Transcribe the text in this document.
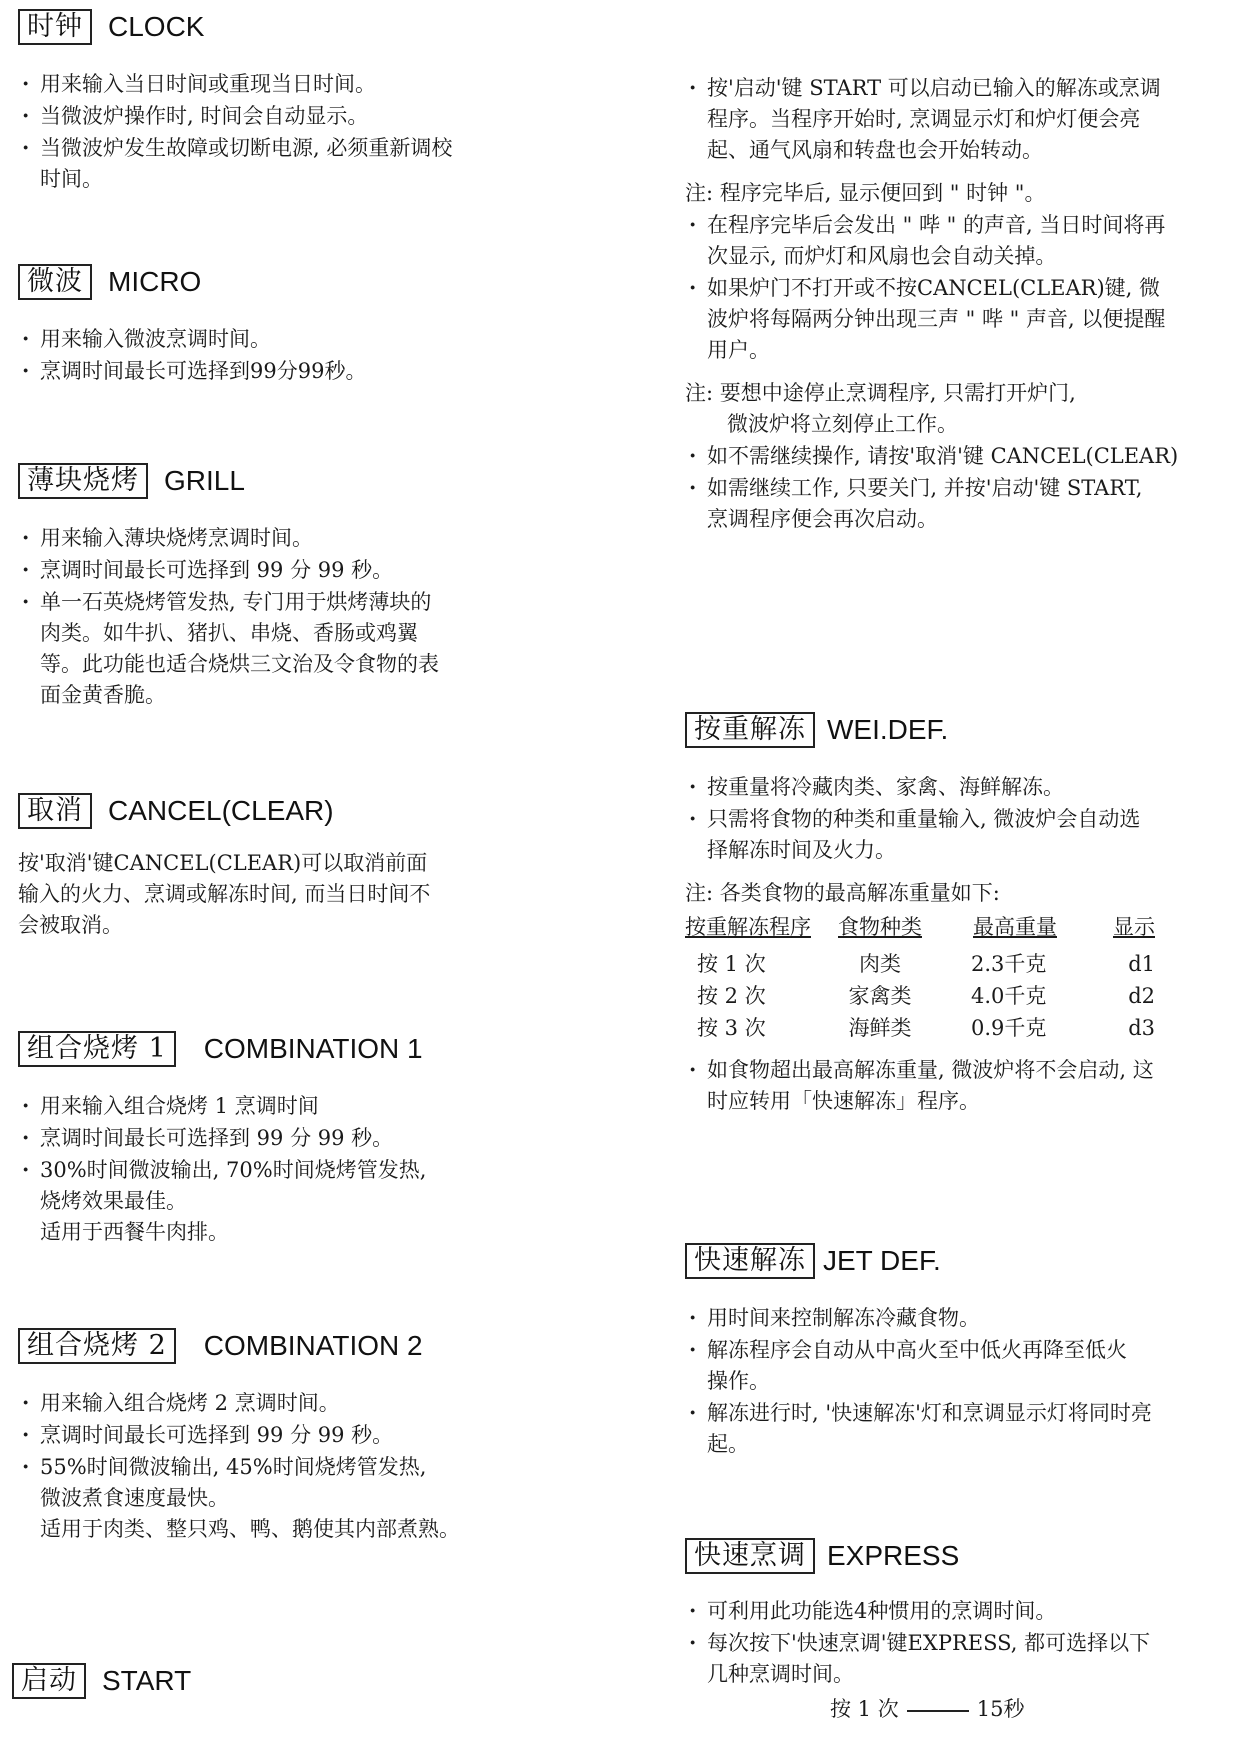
时钟 CLOCK
· 用来输入当日时间或重现当日时间。
· 当微波炉操作时, 时间会自动显示。
· 当微波炉发生故障或切断电源, 必须重新调校时间。
微波 MICRO
· 用来输入微波烹调时间。
· 烹调时间最长可选择到99分99秒。
薄块烧烤 GRILL
· 用来输入薄块烧烤烹调时间。
· 烹调时间最长可选择到 99 分 99 秒。
· 单一石英烧烤管发热, 专门用于烘烤薄块的肉类。如牛扒、猪扒、串烧、香肠或鸡翼等。此功能也适合烧烘三文治及令食物的表面金黄香脆。
取消 CANCEL(CLEAR)
按'取消'键CANCEL(CLEAR)可以取消前面输入的火力、烹调或解冻时间, 而当日时间不会被取消。
组合烧烤 1	COMBINATION 1
· 用来输入组合烧烤 1 烹调时间
· 烹调时间最长可选择到 99 分 99 秒。
· 30%时间微波输出, 70%时间烧烤管发热, 烧烤效果最佳。
适用于西餐牛肉排。
组合烧烤 2	COMBINATION 2
· 用来输入组合烧烤 2 烹调时间。
· 烹调时间最长可选择到 99 分 99 秒。
· 55%时间微波输出, 45%时间烧烤管发热, 微波煮食速度最快。
适用于肉类、整只鸡、鸭、鹅使其内部煮熟。
启动 START
· 按'启动'键 START 可以启动已输入的解冻或烹调程序。当程序开始时, 烹调显示灯和炉灯便会亮起、通气风扇和转盘也会开始转动。
注: 程序完毕后, 显示便回到 " 时钟 "。
· 在程序完毕后会发出 " 哔 " 的声音, 当日时间将再次显示, 而炉灯和风扇也会自动关掉。
· 如果炉门不打开或不按CANCEL(CLEAR)键, 微波炉将每隔两分钟出现三声 " 哔 " 声音, 以便提醒用户。
注: 要想中途停止烹调程序, 只需打开炉门,
微波炉将立刻停止工作。
· 如不需继续操作, 请按'取消'键 CANCEL(CLEAR)
· 如需继续工作, 只要关门, 并按'启动'键 START, 烹调程序便会再次启动。
按重解冻 WEI.DEF.
· 按重量将冷藏肉类、家禽、海鲜解冻。
· 只需将食物的种类和重量输入, 微波炉会自动选择解冻时间及火力。
注: 各类食物的最高解冻重量如下:
按重解冻程序	食物种类	最高重量	显示
按 1 次	肉类	2.3千克	d1
按 2 次	家禽类	4.0千克	d2
按 3 次	海鲜类	0.9千克	d3
· 如食物超出最高解冻重量, 微波炉将不会启动, 这时应转用「快速解冻」程序。
快速解冻 JET DEF.
· 用时间来控制解冻冷藏食物。
· 解冻程序会自动从中高火至中低火再降至低火操作。
· 解冻进行时, '快速解冻'灯和烹调显示灯将同时亮起。
快速烹调 EXPRESS
· 可利用此功能选4种惯用的烹调时间。
· 每次按下'快速烹调'键EXPRESS, 都可选择以下几种烹调时间。
按 1 次	15秒
